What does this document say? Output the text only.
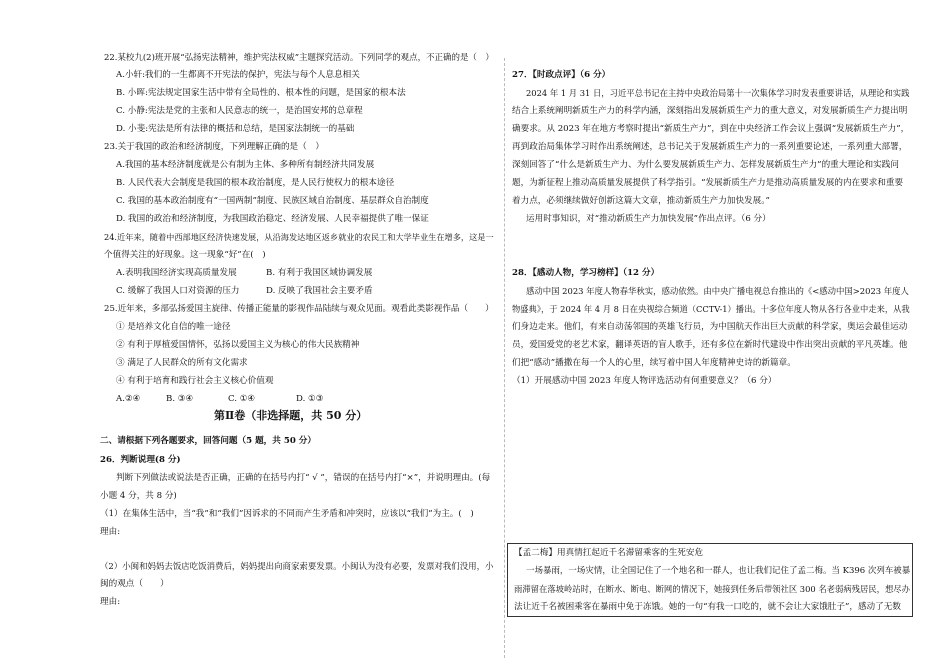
22.某校九(2)班开展“弘扬宪法精神，维护宪法权威”主题探究活动。下列同学的观点，不正确的是（　）
A.小轩:我们的一生都离不开宪法的保护，宪法与每个人息息相关
B. 小晖:宪法规定国家生活中带有全局性的、根本性的问题，是国家的根本法
C. 小静:宪法是党的主张和人民意志的统一，是治国安邦的总章程
D. 小斐:宪法是所有法律的概括和总结，是国家法制统一的基础
23.关于我国的政治和经济制度，下列理解正确的是（　）
A.我国的基本经济制度就是公有制为主体、多种所有制经济共同发展
B. 人民代表大会制度是我国的根本政治制度，是人民行使权力的根本途径
C. 我国的基本政治制度有“一国两制”制度、民族区域自治制度、基层群众自治制度
D. 我国的政治和经济制度，为我国政治稳定、经济发展、人民幸福提供了唯一保证
24.近年来，随着中西部地区经济快速发展，从沿海发达地区返乡就业的农民工和大学毕业生在增多，这是一
个值得关注的好现象。这一现象“好”在(　)
A.表明我国经济实现高质量发展	B. 有利于我国区域协调发展
C. 缓解了我国人口对资源的压力	D. 反映了我国社会主要矛盾
25.近年来，多部弘扬爱国主旋律、传播正能量的影视作品陆续与观众见面。观看此类影视作品（　　）
① 是培养文化自信的唯一途径
② 有利于厚植爱国情怀，弘扬以爱国主义为核心的伟大民族精神
③ 满足了人民群众的所有文化需求
④ 有利于培育和践行社会主义核心价值观
A.②④	B. ③④	C. ①④	D. ①③
第Ⅱ卷（非选择题，共 50 分）
二、请根据下列各题要求，回答问题（5 题，共 50 分）
26．判断说理(8 分)
判断下列做法或说法是否正确，正确的在括号内打“ √ ”，错误的在括号内打“×”，并说明理由。(每
小题 4 分，共 8 分)
（1）在集体生活中，当“我”和“我们”因诉求的不同而产生矛盾和冲突时，应该以“我们”为主。(　)
理由:
（2）小闽和妈妈去饭店吃饭消费后，妈妈提出向商家索要发票。小闽认为没有必要，发票对我们没用，小
闽的观点（　　）
理由:
27．【时政点评】（6 分）
2024 年 1 月 31 日，习近平总书记在主持中央政治局第十一次集体学习时发表重要讲话，从理论和实践
结合上系统阐明新质生产力的科学内涵，深刻指出发展新质生产力的重大意义，对发展新质生产力提出明
确要求。从 2023 年在地方考察时提出“新质生产力”，到在中央经济工作会议上强调“发展新质生产力”，
再到政治局集体学习时作出系统阐述，总书记关于发展新质生产力的一系列重要论述，一系列重大部署，
深刻回答了“什么是新质生产力、为什么要发展新质生产力、怎样发展新质生产力”的重大理论和实践问
题，为新征程上推动高质量发展提供了科学指引。“发展新质生产力是推动高质量发展的内在要求和重要
着力点，必须继续做好创新这篇大文章，推动新质生产力加快发展。”
运用时事知识，对“推动新质生产力加快发展”作出点评。（6 分）
28．【感动人物，学习榜样】（12 分）
感动中国 2023 年度人物春华秋实，感动依然。由中央广播电视总台推出的《<感动中国>2023 年度人
物盛典》，于 2024 年 4 月 8 日在央视综合频道（CCTV-1）播出。十多位年度人物从各行各业中走来，从我
们身边走来。他们，有来自动荡邻国的英雄飞行员，为中国航天作出巨大贡献的科学家，奥运会最佳运动
员，爱国爱党的老艺术家，翻译英语的盲人歌手，还有多位在新时代建设中作出突出贡献的平凡英雄。他
们把“感动”播撒在每一个人的心里，续写着中国人年度精神史诗的新篇章。
（1）开展感动中国 2023 年度人物评选活动有何重要意义？（6 分）
【孟二梅】用真情扛起近千名滞留乘客的生死安危
一场暴雨，一场灾情，让全国记住了一个地名和一群人，也让我们记住了孟二梅。当 K396 次列车被暴
雨滞留在落坡岭站时，在断水、断电、断网的情况下，她接到任务后带领社区 300 名老弱病残居民，想尽办
法让近千名被困乘客在暴雨中免于冻饿。她的一句“有我一口吃的，就不会让大家饿肚子”，感动了无数
